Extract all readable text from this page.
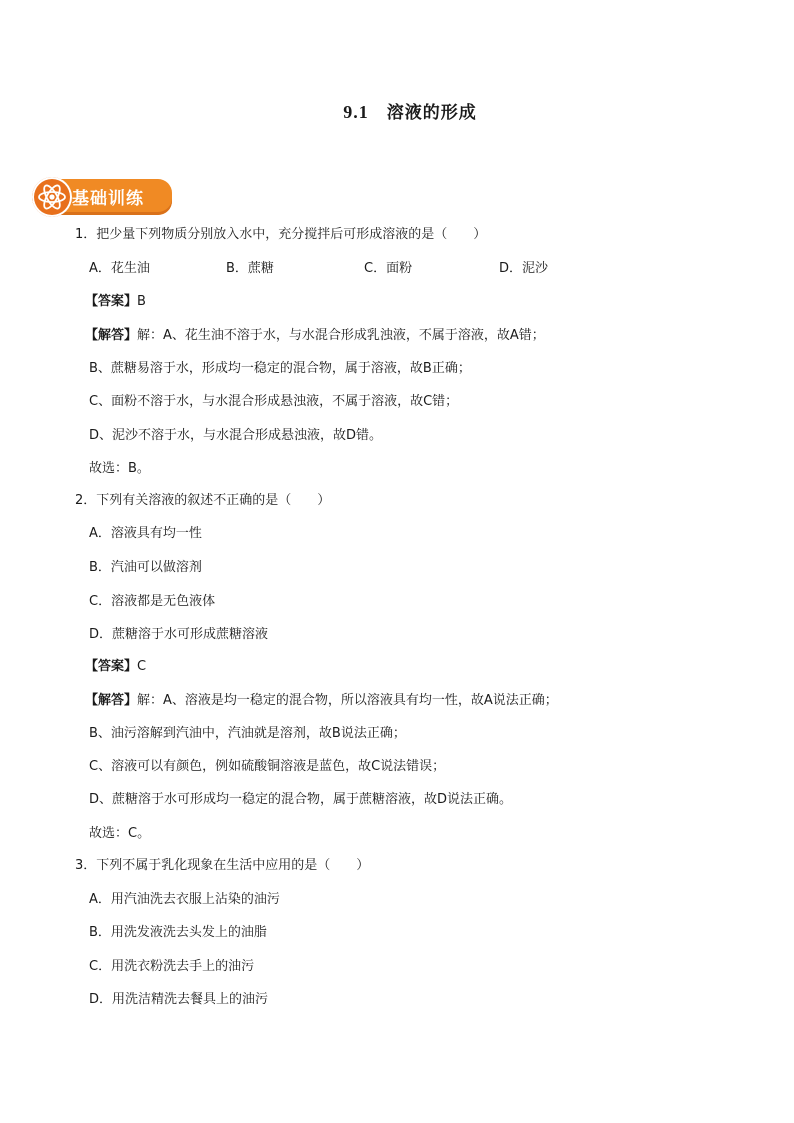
9.1 溶液的形成
基础训练
1．把少量下列物质分别放入水中，充分搅拌后可形成溶液的是（　　）
A．花生油	B．蔗糖	C．面粉	D．泥沙
【答案】B
【解答】解：A、花生油不溶于水，与水混合形成乳浊液，不属于溶液，故A错；
B、蔗糖易溶于水，形成均一稳定的混合物，属于溶液，故B正确；
C、面粉不溶于水，与水混合形成悬浊液，不属于溶液，故C错；
D、泥沙不溶于水，与水混合形成悬浊液，故D错。
故选：B。
2．下列有关溶液的叙述不正确的是（　　）
A．溶液具有均一性
B．汽油可以做溶剂
C．溶液都是无色液体
D．蔗糖溶于水可形成蔗糖溶液
【答案】C
【解答】解：A、溶液是均一稳定的混合物，所以溶液具有均一性，故A说法正确；
B、油污溶解到汽油中，汽油就是溶剂，故B说法正确；
C、溶液可以有颜色，例如硫酸铜溶液是蓝色，故C说法错误；
D、蔗糖溶于水可形成均一稳定的混合物，属于蔗糖溶液，故D说法正确。
故选：C。
3．下列不属于乳化现象在生活中应用的是（　　）
A．用汽油洗去衣服上沾染的油污
B．用洗发液洗去头发上的油脂
C．用洗衣粉洗去手上的油污
D．用洗洁精洗去餐具上的油污
